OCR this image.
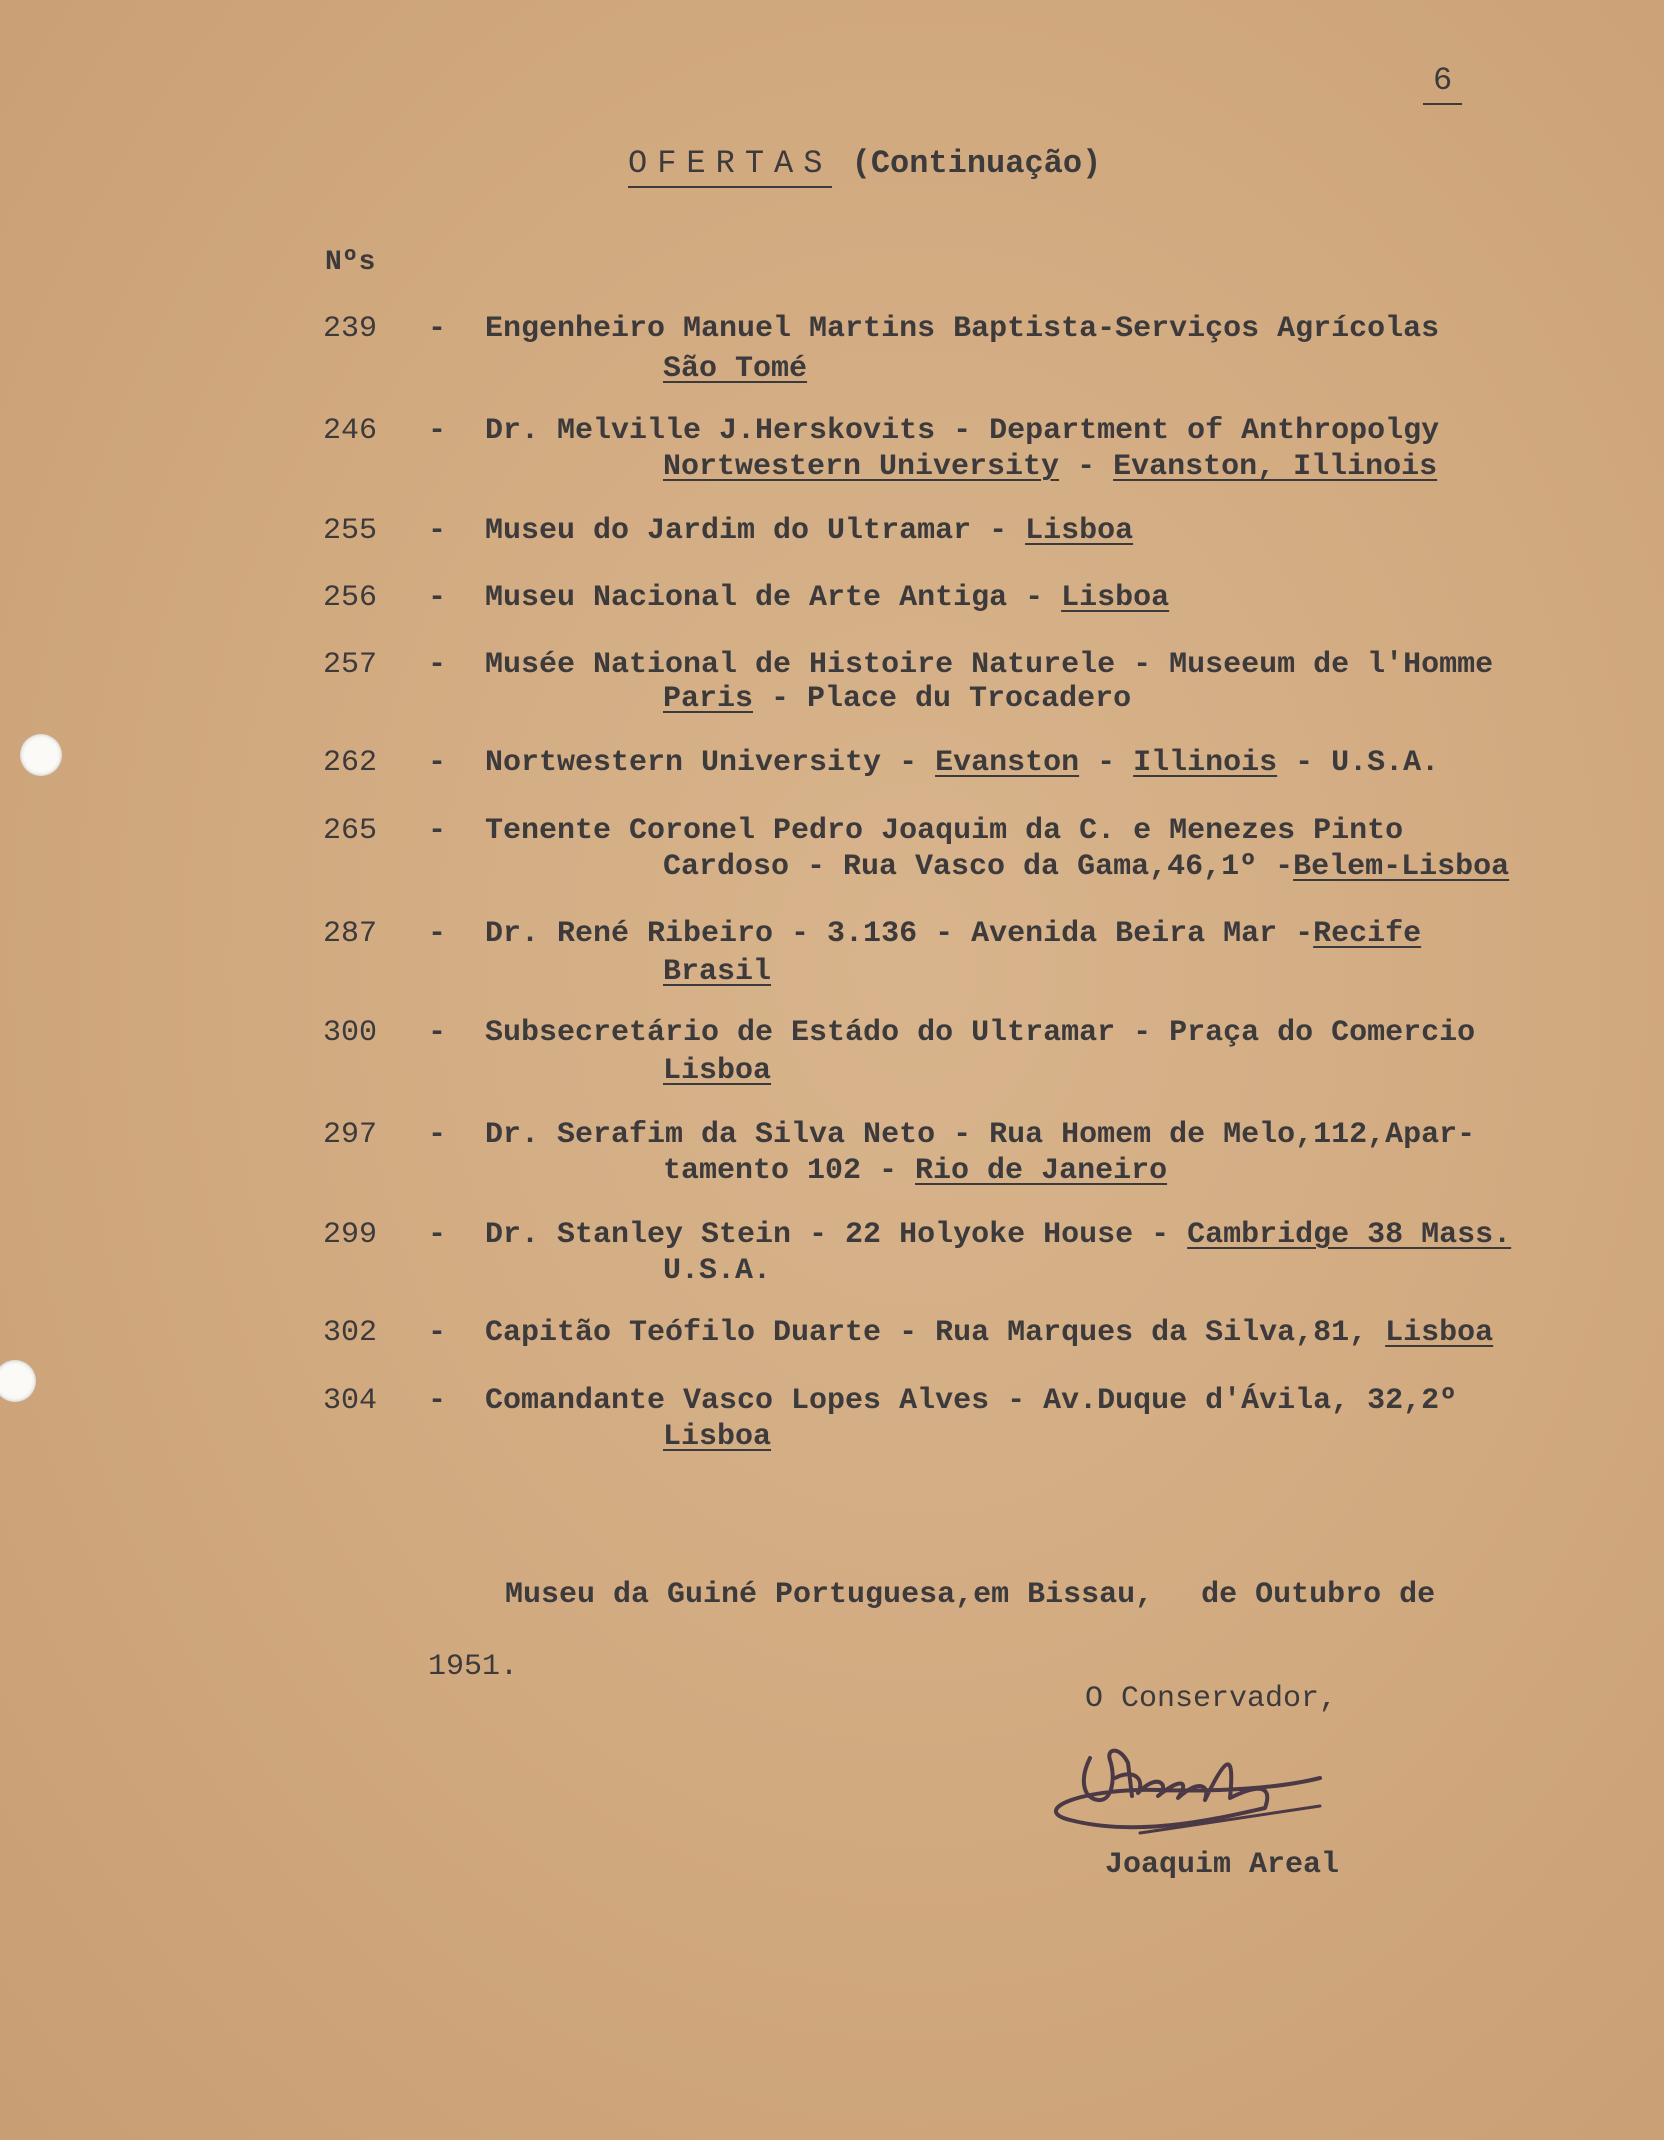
6
OFERTAS (Continuação)
Nºs
239 - Engenheiro Manuel Martins Baptista-Serviços Agrícolas
São Tomé
246 - Dr. Melville J.Herskovits - Department of Anthropolgy
Nortwestern University - Evanston, Illinois
255 - Museu do Jardim do Ultramar - Lisboa
256 - Museu Nacional de Arte Antiga - Lisboa
257 - Musée National de Histoire Naturele - Museeum de l'Homme
Paris - Place du Trocadero
262 - Nortwestern University - Evanston - Illinois - U.S.A.
265 - Tenente Coronel Pedro Joaquim da C. e Menezes Pinto
Cardoso - Rua Vasco da Gama,46,1º -Belem-Lisboa
287 - Dr. René Ribeiro - 3.136 - Avenida Beira Mar -Recife
Brasil
300 - Subsecretário de Estádo do Ultramar - Praça do Comercio
Lisboa
297 - Dr. Serafim da Silva Neto - Rua Homem de Melo,112,Apar-
tamento 102 - Rio de Janeiro
299 - Dr. Stanley Stein - 22 Holyoke House - Cambridge 38 Mass.
U.S.A.
302 - Capitão Teófilo Duarte - Rua Marques da Silva,81, Lisboa
304 - Comandante Vasco Lopes Alves - Av.Duque d'Ávila, 32,2º
Lisboa
Museu da Guiné Portuguesa,em Bissau, de Outubro de
1951.
O Conservador,
Joaquim Areal
